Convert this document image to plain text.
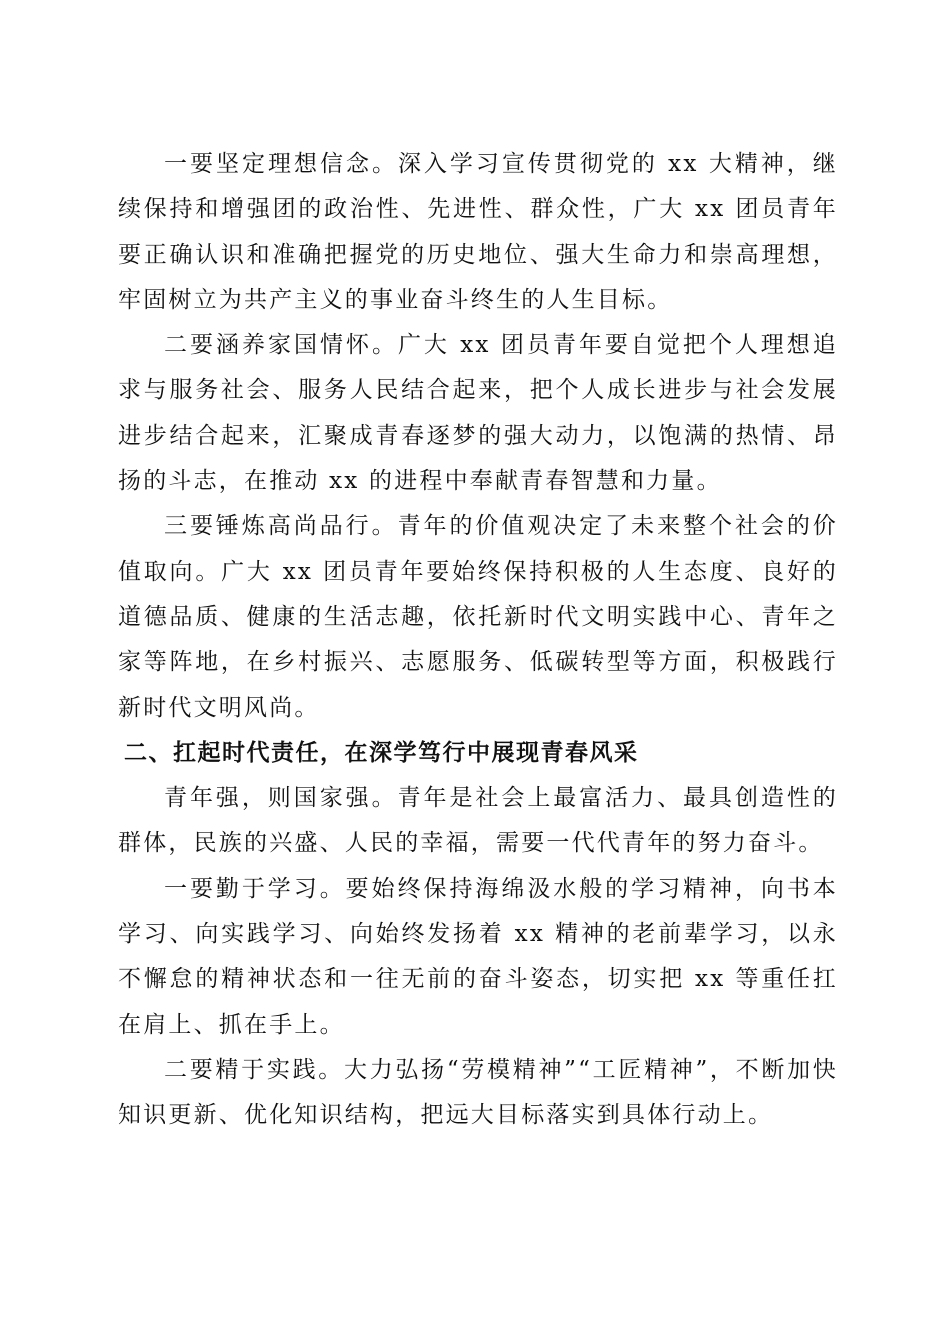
一要坚定理想信念。深入学习宣传贯彻党的 xx 大精神，继续保持和增强团的政治性、先进性、群众性，广大 xx 团员青年要正确认识和准确把握党的历史地位、强大生命力和崇高理想，牢固树立为共产主义的事业奋斗终生的人生目标。

二要涵养家国情怀。广大 xx 团员青年要自觉把个人理想追求与服务社会、服务人民结合起来，把个人成长进步与社会发展进步结合起来，汇聚成青春逐梦的强大动力，以饱满的热情、昂扬的斗志，在推动 xx 的进程中奉献青春智慧和力量。

三要锤炼高尚品行。青年的价值观决定了未来整个社会的价值取向。广大 xx 团员青年要始终保持积极的人生态度、良好的道德品质、健康的生活志趣，依托新时代文明实践中心、青年之家等阵地，在乡村振兴、志愿服务、低碳转型等方面，积极践行新时代文明风尚。

二、扛起时代责任，在深学笃行中展现青春风采

青年强，则国家强。青年是社会上最富活力、最具创造性的群体，民族的兴盛、人民的幸福，需要一代代青年的努力奋斗。

一要勤于学习。要始终保持海绵汲水般的学习精神，向书本学习、向实践学习、向始终发扬着 xx 精神的老前辈学习，以永不懈怠的精神状态和一往无前的奋斗姿态，切实把 xx 等重任扛在肩上、抓在手上。

二要精于实践。大力弘扬“劳模精神”“工匠精神”，不断加快知识更新、优化知识结构，把远大目标落实到具体行动上。
